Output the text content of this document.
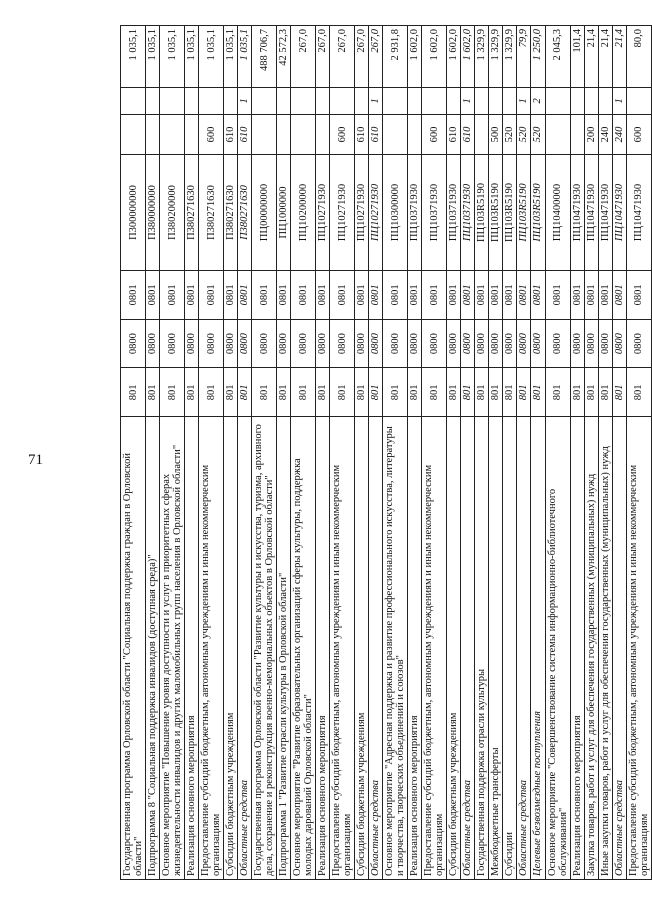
71	Государственная программа Орловской области "Социальная поддержка граждан в Орловской области"	801	0800	0801	П300000000			1 035,1
Подпрограмма 8 "Социальная поддержка инвалидов (доступная среда)"	801	0800	0801	П380000000			1 035,1
Основное мероприятие "Повышение уровня доступности и услуг в приоритетных сферах жизнедеятельности инвалидов и других маломобильных групп населения в Орловской области"	801	0800	0801	П380200000			1 035,1
Реализация основного мероприятия	801	0800	0801	П380271630			1 035,1
Предоставление субсидий бюджетным, автономным учреждениям и иным некоммерческим организациям	801	0800	0801	П380271630	600		1 035,1
Субсидии бюджетным учреждениям	801	0800	0801	П380271630	610		1 035,1
Областные средства	801	0800	0801	П380271630	610	1	1 035,1
Государственная программа Орловской области "Развитие культуры и искусства, туризма, архивного дела, сохранение и реконструкция военно-мемориальных объектов в Орловской области"	801	0800	0801	ПЦ00000000			488 706,7
Подпрограмма 1 "Развитие отрасли культуры в Орловской области"	801	0800	0801	ПЦ1000000			42 572,3
Основное мероприятие "Развитие образовательных организаций сферы культуры, поддержка молодых дарований Орловской области"	801	0800	0801	ПЦ10200000			267,0
Реализация основного мероприятия	801	0800	0801	ПЦ10271930			267,0
Предоставление субсидий бюджетным, автономным учреждениям и иным некоммерческим организациям	801	0800	0801	ПЦ10271930	600		267,0
Субсидии бюджетным учреждениям	801	0800	0801	ПЦ10271930	610		267,0
Областные средства	801	0800	0801	ПЦ10271930	610	1	267,0
Основное мероприятие "Адресная поддержка и развитие профессионального искусства, литературы и творчества, творческих объединений и союзов"	801	0800	0801	ПЦ10300000			2 931,8
Реализация основного мероприятия	801	0800	0801	ПЦ10371930			1 602,0
Предоставление субсидий бюджетным, автономным учреждениям и иным некоммерческим организациям	801	0800	0801	ПЦ10371930	600		1 602,0
Субсидии бюджетным учреждениям	801	0800	0801	ПЦ10371930	610		1 602,0
Областные средства	801	0800	0801	ПЦ10371930	610	1	1 602,0
Государственная поддержка отрасли культуры	801	0800	0801	ПЦ103R5190			1 329,9
Межбюджетные трансферты	801	0800	0801	ПЦ103R5190	500		1 329,9
Субсидии	801	0800	0801	ПЦ103R5190	520		1 329,9
Областные средства	801	0800	0801	ПЦ103R5190	520	1	79,9
Целевые безвозмездные поступления	801	0800	0801	ПЦ103R5190	520	2	1 250,0
Основное мероприятие "Совершенствование системы информационно-библиотечного обслуживания"	801	0800	0801	ПЦ10400000			2 045,3
Реализация основного мероприятия	801	0800	0801	ПЦ10471930			101,4
Закупка товаров, работ и услуг для обеспечения государственных (муниципальных) нужд	801	0800	0801	ПЦ10471930	200		21,4
Иные закупки товаров, работ и услуг для обеспечения государственных (муниципальных) нужд	801	0800	0801	ПЦ10471930	240		21,4
Областные средства	801	0800	0801	ПЦ10471930	240	1	21,4
Предоставление субсидий бюджетным, автономным учреждениям и иным некоммерческим организациям	801	0800	0801	ПЦ10471930	600		80,0
